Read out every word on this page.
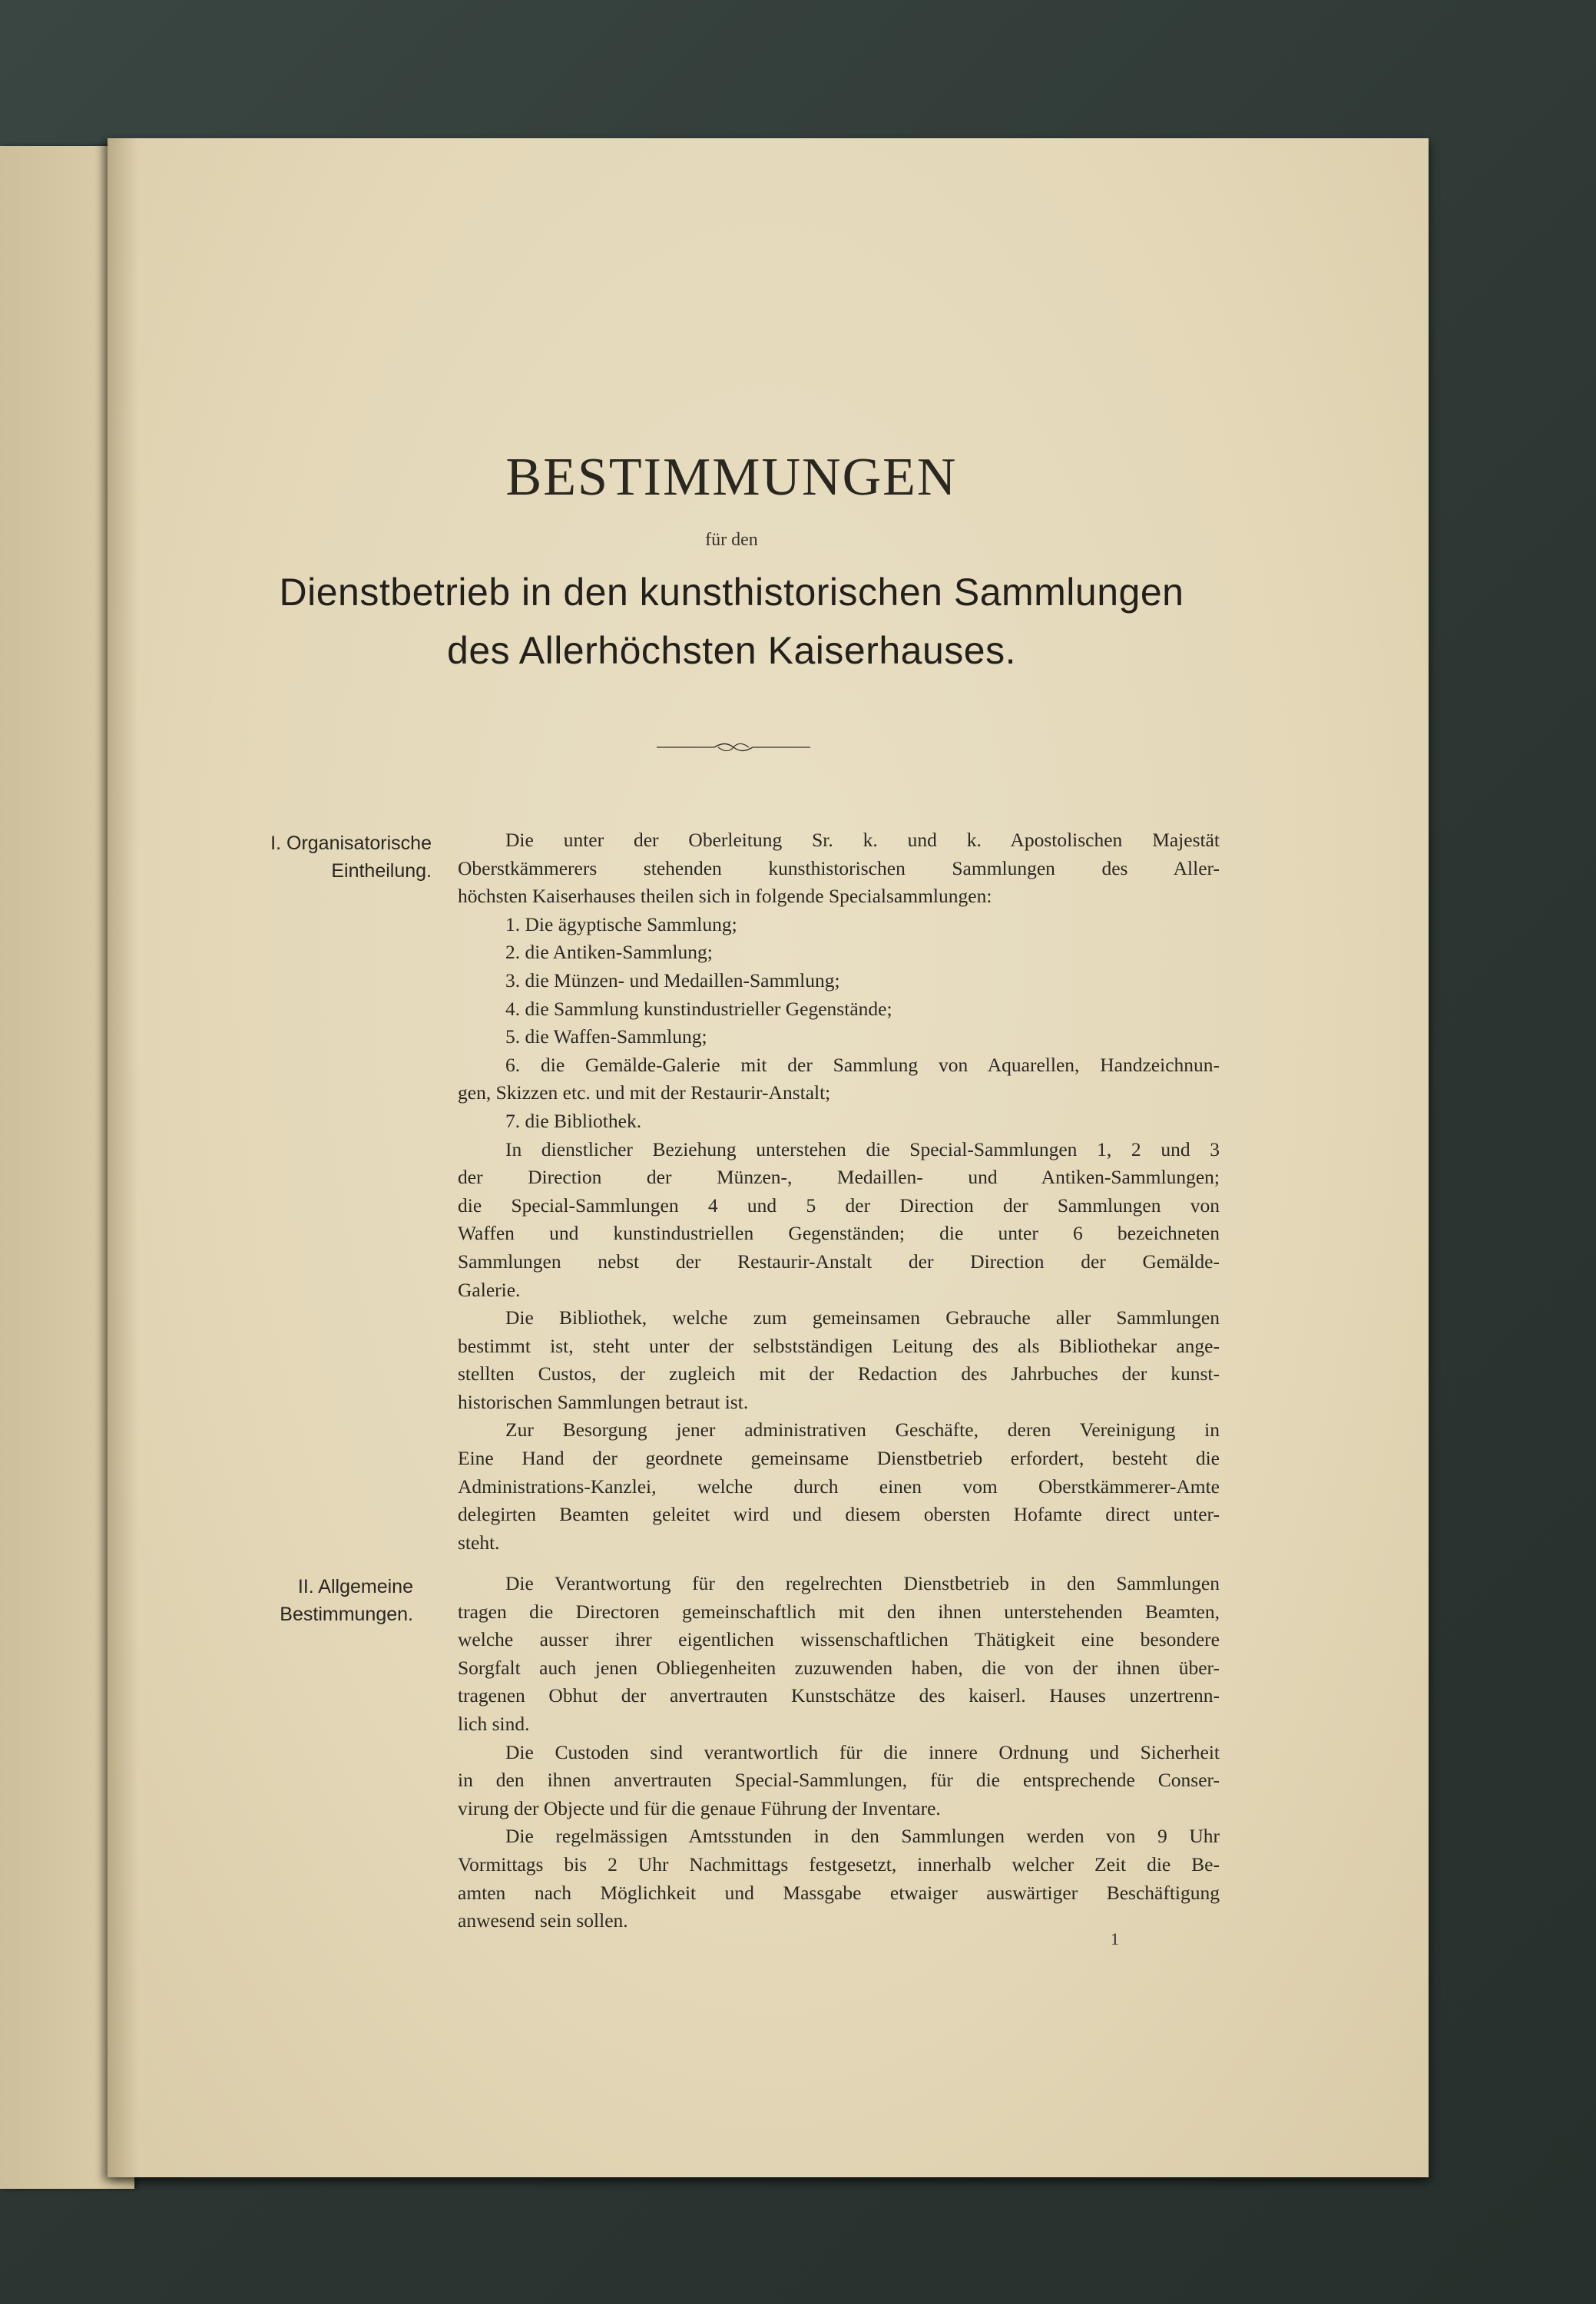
BESTIMMUNGEN
für den
Dienstbetrieb in den kunsthistorischen Sammlungen
des Allerhöchsten Kaiserhauses.
I. Organisatorische
Eintheilung.
Die unter der Oberleitung Sr. k. und k. Apostolischen Majestät
Oberstkämmerers stehenden kunsthistorischen Sammlungen des Aller-
höchsten Kaiserhauses theilen sich in folgende Specialsammlungen:
1. Die ägyptische Sammlung;
2. die Antiken-Sammlung;
3. die Münzen- und Medaillen-Sammlung;
4. die Sammlung kunstindustrieller Gegenstände;
5. die Waffen-Sammlung;
6. die Gemälde-Galerie mit der Sammlung von Aquarellen, Handzeichnun-
gen, Skizzen etc. und mit der Restaurir-Anstalt;
7. die Bibliothek.
In dienstlicher Beziehung unterstehen die Special-Sammlungen 1, 2 und 3
der Direction der Münzen-, Medaillen- und Antiken-Sammlungen;
die Special-Sammlungen 4 und 5 der Direction der Sammlungen von
Waffen und kunstindustriellen Gegenständen; die unter 6 bezeichneten
Sammlungen nebst der Restaurir-Anstalt der Direction der Gemälde-
Galerie.
Die Bibliothek, welche zum gemeinsamen Gebrauche aller Sammlungen
bestimmt ist, steht unter der selbstständigen Leitung des als Bibliothekar ange-
stellten Custos, der zugleich mit der Redaction des Jahrbuches der kunst-
historischen Sammlungen betraut ist.
Zur Besorgung jener administrativen Geschäfte, deren Vereinigung in
Eine Hand der geordnete gemeinsame Dienstbetrieb erfordert, besteht die
Administrations-Kanzlei, welche durch einen vom Oberstkämmerer-Amte
delegirten Beamten geleitet wird und diesem obersten Hofamte direct unter-
steht.
II. Allgemeine
Bestimmungen.
Die Verantwortung für den regelrechten Dienstbetrieb in den Sammlungen
tragen die Directoren gemeinschaftlich mit den ihnen unterstehenden Beamten,
welche ausser ihrer eigentlichen wissenschaftlichen Thätigkeit eine besondere
Sorgfalt auch jenen Obliegenheiten zuzuwenden haben, die von der ihnen über-
tragenen Obhut der anvertrauten Kunstschätze des kaiserl. Hauses unzertrenn-
lich sind.
Die Custoden sind verantwortlich für die innere Ordnung und Sicherheit
in den ihnen anvertrauten Special-Sammlungen, für die entsprechende Conser-
virung der Objecte und für die genaue Führung der Inventare.
Die regelmässigen Amtsstunden in den Sammlungen werden von 9 Uhr
Vormittags bis 2 Uhr Nachmittags festgesetzt, innerhalb welcher Zeit die Be-
amten nach Möglichkeit und Massgabe etwaiger auswärtiger Beschäftigung
anwesend sein sollen.
1
